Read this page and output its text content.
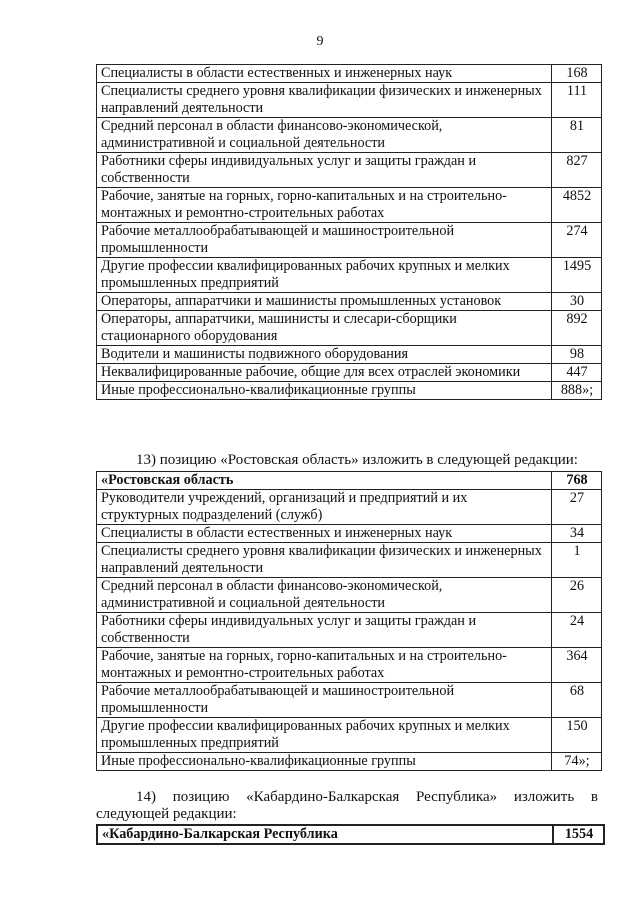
9
Специалисты в области естественных и инженерных наук	168
Специалисты среднего уровня квалификации физических и инженерных направлений деятельности	111
Средний персонал в области финансово-экономической, административной и социальной деятельности	81
Работники сферы индивидуальных услуг и защиты граждан и собственности	827
Рабочие, занятые на горных, горно-капитальных и на строительно-монтажных и ремонтно-строительных работах	4852
Рабочие металлообрабатывающей и машиностроительной промышленности	274
Другие профессии квалифицированных рабочих крупных и мелких промышленных предприятий	1495
Операторы, аппаратчики и машинисты промышленных установок	30
Операторы, аппаратчики, машинисты и слесари-сборщики стационарного оборудования	892
Водители и машинисты подвижного оборудования	98
Неквалифицированные рабочие, общие для всех отраслей экономики	447
Иные профессионально-квалификационные группы	888»;
13) позицию «Ростовская область» изложить в следующей редакции:
«Ростовская область	768
Руководители учреждений, организаций и предприятий и их структурных подразделений (служб)	27
Специалисты в области естественных и инженерных наук	34
Специалисты среднего уровня квалификации физических и инженерных направлений деятельности	1
Средний персонал в области финансово-экономической, административной и социальной деятельности	26
Работники сферы индивидуальных услуг и защиты граждан и собственности	24
Рабочие, занятые на горных, горно-капитальных и на строительно-монтажных и ремонтно-строительных работах	364
Рабочие металлообрабатывающей и машиностроительной промышленности	68
Другие профессии квалифицированных рабочих крупных и мелких промышленных предприятий	150
Иные профессионально-квалификационные группы	74»;
14) позицию «Кабардино-Балкарская Республика» изложить в
следующей редакции:
«Кабардино-Балкарская Республика	1554
